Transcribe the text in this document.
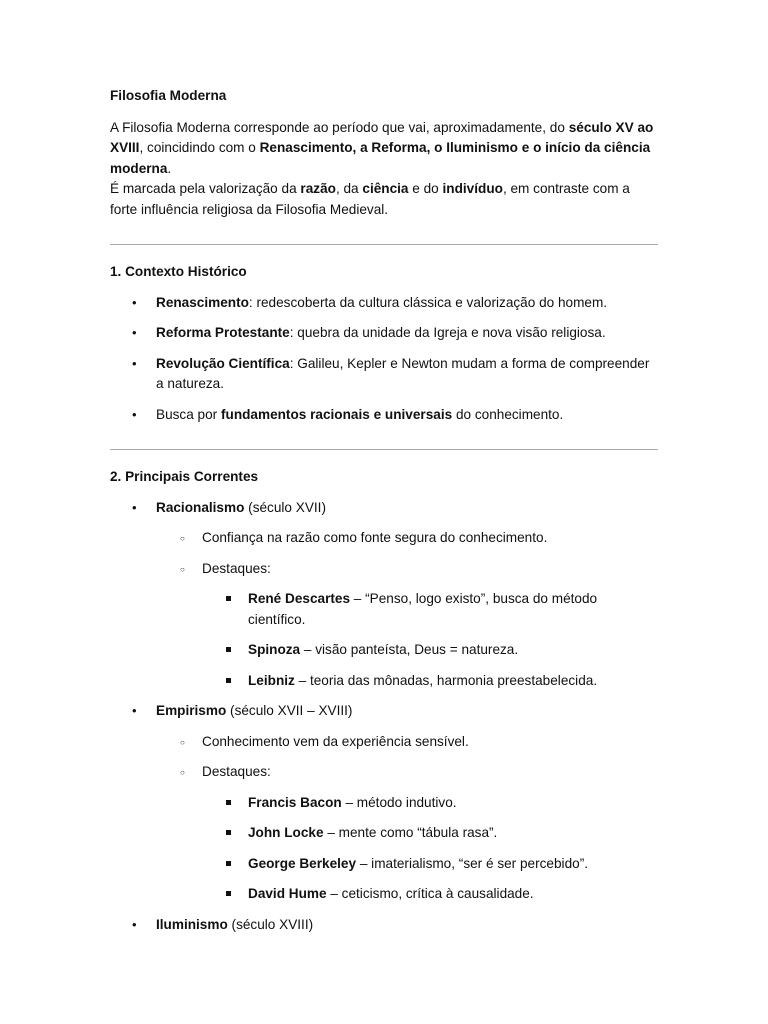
Filosofia Moderna

A Filosofia Moderna corresponde ao período que vai, aproximadamente, do século XV ao XVIII, coincidindo com o Renascimento, a Reforma, o Iluminismo e o início da ciência moderna.

É marcada pela valorização da razão, da ciência e do indivíduo, em contraste com a forte influência religiosa da Filosofia Medieval.

1. Contexto Histórico

• Renascimento: redescoberta da cultura clássica e valorização do homem.
• Reforma Protestante: quebra da unidade da Igreja e nova visão religiosa.
• Revolução Científica: Galileu, Kepler e Newton mudam a forma de compreender a natureza.
• Busca por fundamentos racionais e universais do conhecimento.

2. Principais Correntes

• Racionalismo (século XVII)
○ Confiança na razão como fonte segura do conhecimento.
○ Destaques:
René Descartes – “Penso, logo existo”, busca do método científico.
Spinoza – visão panteísta, Deus = natureza.
Leibniz – teoria das mônadas, harmonia preestabelecida.
• Empirismo (século XVII – XVIII)
○ Conhecimento vem da experiência sensível.
○ Destaques:
Francis Bacon – método indutivo.
John Locke – mente como “tábula rasa”.
George Berkeley – imaterialismo, “ser é ser percebido”.
David Hume – ceticismo, crítica à causalidade.
• Iluminismo (século XVIII)
